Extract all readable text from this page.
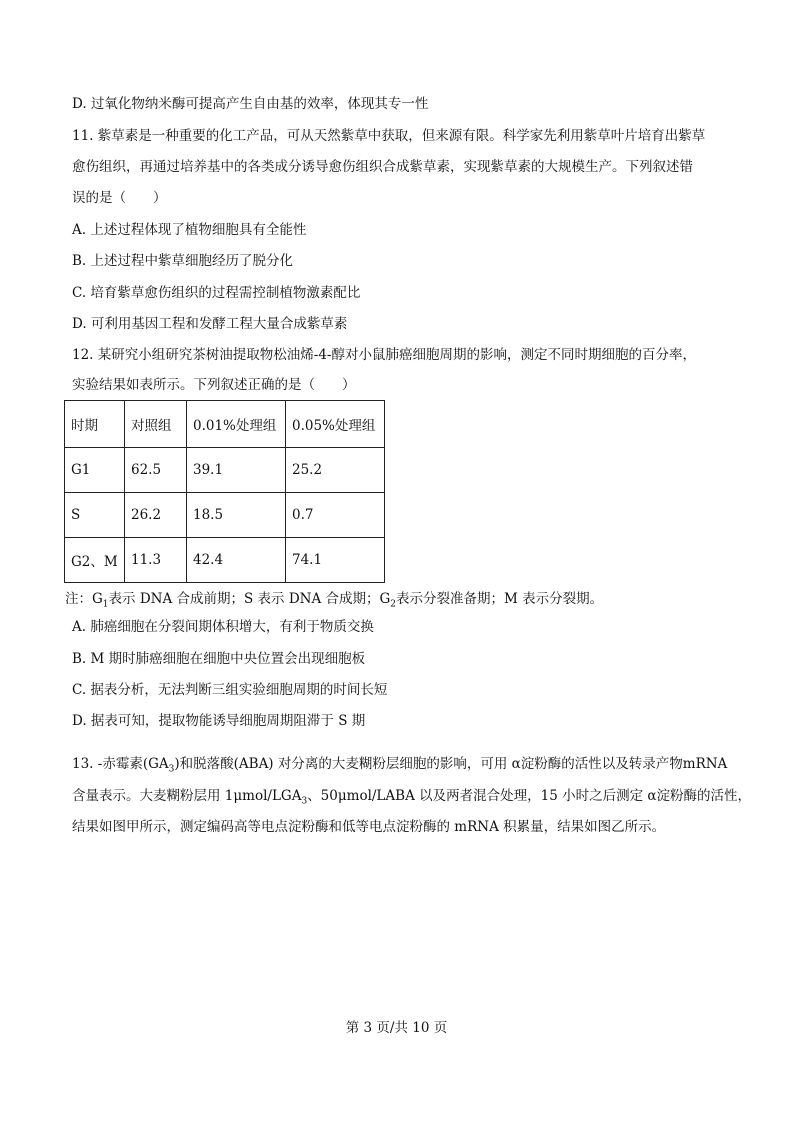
D. 过氧化物纳米酶可提高产生自由基的效率，体现其专一性
11. 紫草素是一种重要的化工产品，可从天然紫草中获取，但来源有限。科学家先利用紫草叶片培育出紫草
愈伤组织，再通过培养基中的各类成分诱导愈伤组织合成紫草素，实现紫草素的大规模生产。下列叙述错
误的是（　　）
A. 上述过程体现了植物细胞具有全能性
B. 上述过程中紫草细胞经历了脱分化
C. 培育紫草愈伤组织的过程需控制植物激素配比
D. 可利用基因工程和发酵工程大量合成紫草素
12. 某研究小组研究茶树油提取物松油烯-4-醇对小鼠肺癌细胞周期的影响，测定不同时期细胞的百分率，
实验结果如表所示。下列叙述正确的是（　　）
时期	对照组	0.01%处理组	0.05%处理组
G1	62.5	39.1	25.2
S	26.2	18.5	0.7
G2、M	11.3	42.4	74.1
注：$G_1$表示 DNA 合成前期；S 表示 DNA 合成期；$G_2$表示分裂准备期；M 表示分裂期。
A. 肺癌细胞在分裂间期体积增大，有利于物质交换
B. M 期时肺癌细胞在细胞中央位置会出现细胞板
C. 据表分析，无法判断三组实验细胞周期的时间长短
D. 据表可知，提取物能诱导细胞周期阻滞于 S 期
13. -赤霉素$(GA_3)$和脱落酸(ABA) 对分离的大麦糊粉层细胞的影响，可用 α淀粉酶的活性以及转录产物mRNA
含量表示。大麦糊粉层用 $1\mu mol/LGA_3$、50μmol/LABA 以及两者混合处理，15 小时之后测定 α淀粉酶的活性，
结果如图甲所示，测定编码高等电点淀粉酶和低等电点淀粉酶的 mRNA 积累量，结果如图乙所示。
第 3 页/共 10 页
